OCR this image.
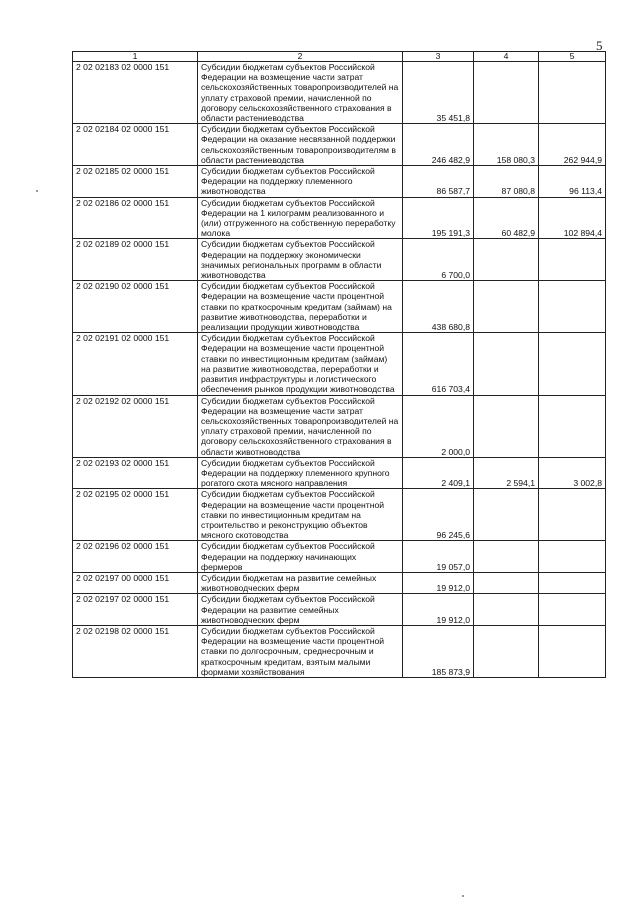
5
1	2	3	4	5
2 02 02183 02 0000 151	Субсидии бюджетам субъектов Российской Федерации на возмещение части затрат сельскохозяйственных товаропроизводителей на уплату страховой премии, начисленной по договору сельскохозяйственного страхования в области растениеводства	35 451,8		
2 02 02184 02 0000 151	Субсидии бюджетам субъектов Российской Федерации на оказание несвязанной поддержки сельскохозяйственным товаропроизводителям в области растениеводства	246 482,9	158 080,3	262 944,9
2 02 02185 02 0000 151	Субсидии бюджетам субъектов Российской Федерации на поддержку племенного животноводства	86 587,7	87 080,8	96 113,4
2 02 02186 02 0000 151	Субсидии бюджетам субъектов Российской Федерации на 1 килограмм реализованного и (или) отгруженного на собственную переработку молока	195 191,3	60 482,9	102 894,4
2 02 02189 02 0000 151	Субсидии бюджетам субъектов Российской Федерации на поддержку экономически значимых региональных программ в области животноводства	6 700,0		
2 02 02190 02 0000 151	Субсидии бюджетам субъектов Российской Федерации на возмещение части процентной ставки по краткосрочным кредитам (займам) на развитие животноводства, переработки и реализации продукции животноводства	438 680,8		
2 02 02191 02 0000 151	Субсидии бюджетам субъектов Российской Федерации на возмещение части процентной ставки по инвестиционным кредитам (займам) на развитие животноводства, переработки и развития инфраструктуры и логистического обеспечения рынков продукции животноводства	616 703,4		
2 02 02192 02 0000 151	Субсидии бюджетам субъектов Российской Федерации на возмещение части затрат сельскохозяйственных товаропроизводителей на уплату страховой премии, начисленной по договору сельскохозяйственного страхования в области животноводства	2 000,0		
2 02 02193 02 0000 151	Субсидии бюджетам субъектов Российской Федерации на поддержку племенного крупного рогатого скота мясного направления	2 409,1	2 594,1	3 002,8
2 02 02195 02 0000 151	Субсидии бюджетам субъектов Российской Федерации на возмещение части процентной ставки по инвестиционным кредитам на строительство и реконструкцию объектов мясного скотоводства	96 245,6		
2 02 02196 02 0000 151	Субсидии бюджетам субъектов Российской Федерации на поддержку начинающих фермеров	19 057,0		
2 02 02197 00 0000 151	Субсидии бюджетам на развитие семейных животноводческих ферм	19 912,0		
2 02 02197 02 0000 151	Субсидии бюджетам субъектов Российской Федерации на развитие семейных животноводческих ферм	19 912,0		
2 02 02198 02 0000 151	Субсидии бюджетам субъектов Российской Федерации на возмещение части процентной ставки по долгосрочным, среднесрочным и краткосрочным кредитам, взятым малыми формами хозяйствования	185 873,9		
